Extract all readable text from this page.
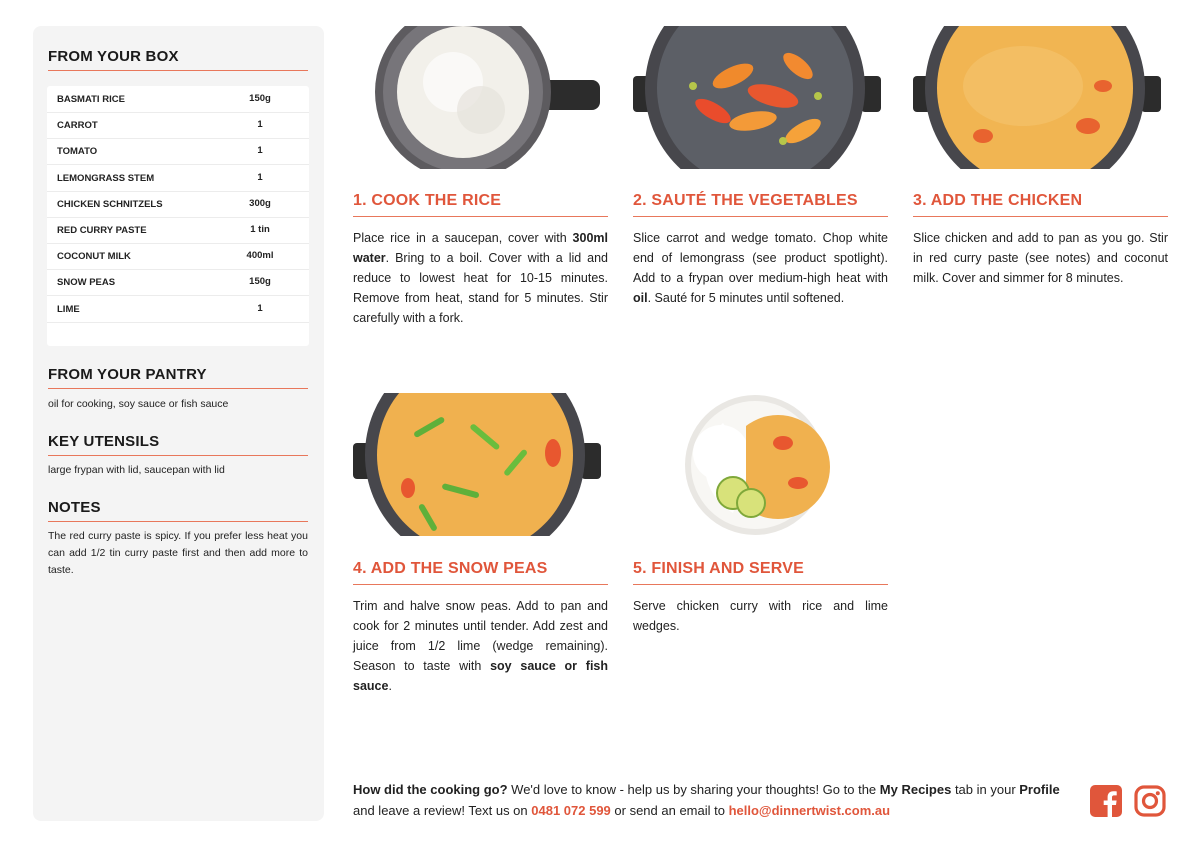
FROM YOUR BOX
BASMATI RICE	150g
CARROT	1
TOMATO	1
LEMONGRASS STEM	1
CHICKEN SCHNITZELS	300g
RED CURRY PASTE	1 tin
COCONUT MILK	400ml
SNOW PEAS	150g
LIME	1
FROM YOUR PANTRY
oil for cooking, soy sauce or fish sauce
KEY UTENSILS
large frypan with lid, saucepan with lid
NOTES
The red curry paste is spicy. If you prefer less heat you can add 1/2 tin curry paste first and then add more to taste.
1. COOK THE RICE
Place rice in a saucepan, cover with 300ml water. Bring to a boil. Cover with a lid and reduce to lowest heat for 10-15 minutes. Remove from heat, stand for 5 minutes. Stir carefully with a fork.
2. SAUTÉ THE VEGETABLES
Slice carrot and wedge tomato. Chop white end of lemongrass (see product spotlight). Add to a frypan over medium-high heat with oil. Sauté for 5 minutes until softened.
3. ADD THE CHICKEN
Slice chicken and add to pan as you go. Stir in red curry paste (see notes) and coconut milk. Cover and simmer for 8 minutes.
4. ADD THE SNOW PEAS
Trim and halve snow peas. Add to pan and cook for 2 minutes until tender. Add zest and juice from 1/2 lime (wedge remaining). Season to taste with soy sauce or fish sauce.
5. FINISH AND SERVE
Serve chicken curry with rice and lime wedges.
How did the cooking go? We'd love to know - help us by sharing your thoughts! Go to the My Recipes tab in your Profile and leave a review! Text us on 0481 072 599 or send an email to hello@dinnertwist.com.au
